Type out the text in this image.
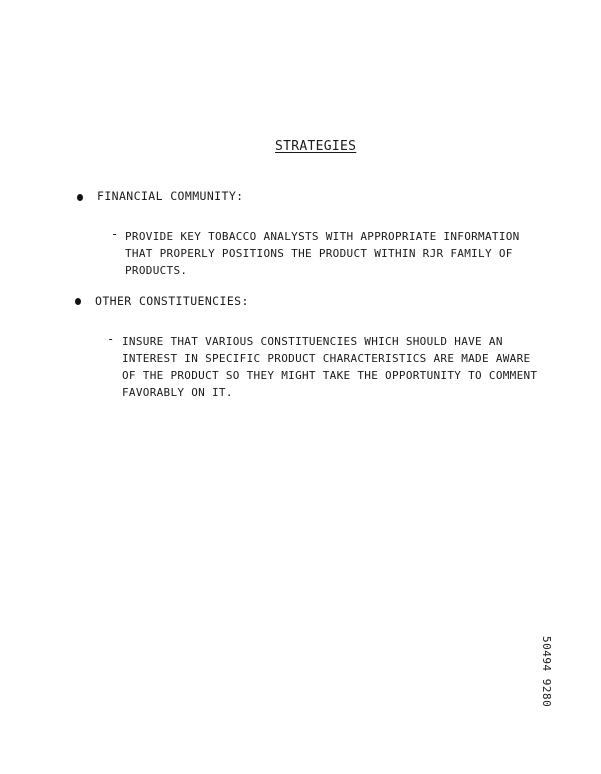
STRATEGIES
FINANCIAL COMMUNITY:
- PROVIDE KEY TOBACCO ANALYSTS WITH APPROPRIATE INFORMATION
THAT PROPERLY POSITIONS THE PRODUCT WITHIN RJR FAMILY OF
PRODUCTS.
OTHER CONSTITUENCIES:
- INSURE THAT VARIOUS CONSTITUENCIES WHICH SHOULD HAVE AN
INTEREST IN SPECIFIC PRODUCT CHARACTERISTICS ARE MADE AWARE
OF THE PRODUCT SO THEY MIGHT TAKE THE OPPORTUNITY TO COMMENT
FAVORABLY ON IT.
50494 9280
